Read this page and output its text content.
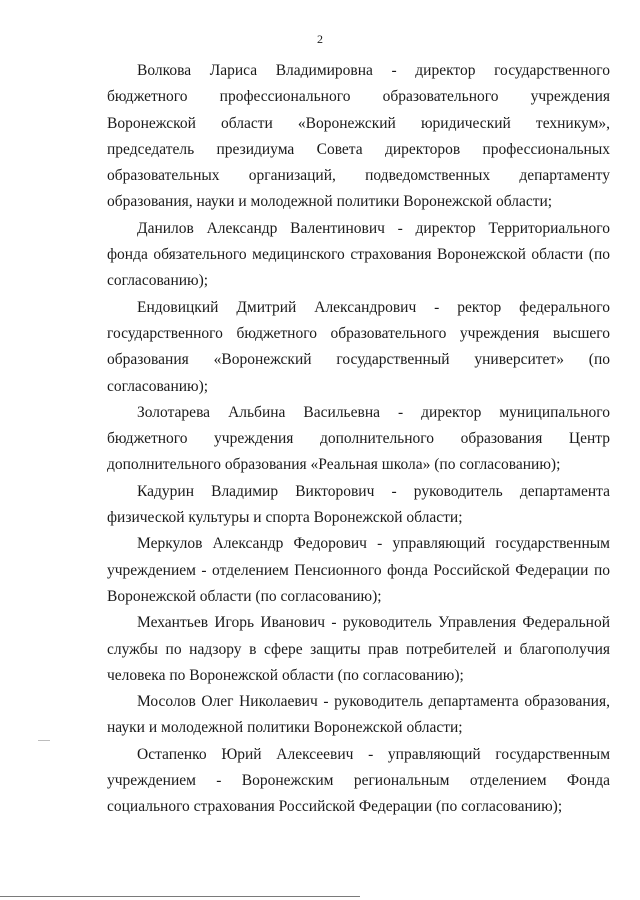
2

Волкова Лариса Владимировна - директор государственного бюджетного профессионального образовательного учреждения Воронежской области «Воронежский юридический техникум», председатель президиума Совета директоров профессиональных образовательных организаций, подведомственных департаменту образования, науки и молодежной политики Воронежской области;

Данилов Александр Валентинович - директор Территориального фонда обязательного медицинского страхования Воронежской области (по согласованию);

Ендовицкий Дмитрий Александрович - ректор федерального государственного бюджетного образовательного учреждения высшего образования «Воронежский государственный университет» (по согласованию);

Золотарева Альбина Васильевна - директор муниципального бюджетного учреждения дополнительного образования Центр дополнительного образования «Реальная школа» (по согласованию);

Кадурин Владимир Викторович - руководитель департамента физической культуры и спорта Воронежской области;

Меркулов Александр Федорович - управляющий государственным учреждением - отделением Пенсионного фонда Российской Федерации по Воронежской области (по согласованию);

Механтьев Игорь Иванович - руководитель Управления Федеральной службы по надзору в сфере защиты прав потребителей и благополучия человека по Воронежской области (по согласованию);

Мосолов Олег Николаевич - руководитель департамента образования, науки и молодежной политики Воронежской области;

Остапенко Юрий Алексеевич - управляющий государственным учреждением - Воронежским региональным отделением Фонда социального страхования Российской Федерации (по согласованию);
